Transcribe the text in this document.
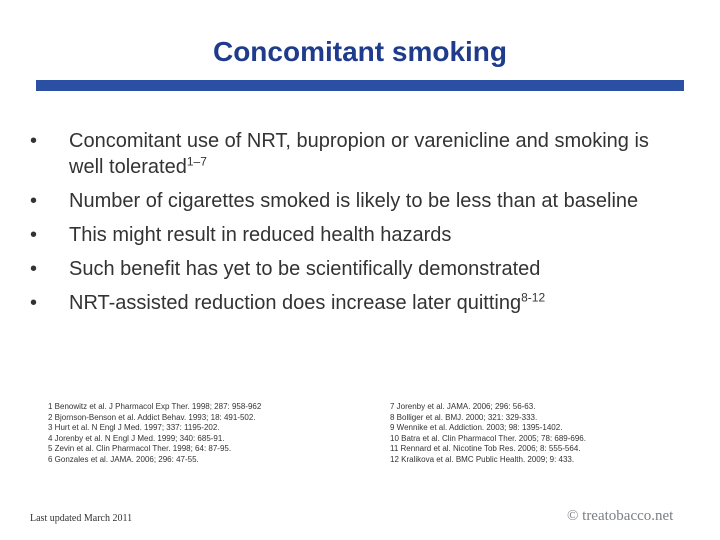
Concomitant smoking
• Concomitant use of NRT, bupropion or varenicline and smoking is well tolerated$^{1-7}$
• Number of cigarettes smoked is likely to be less than at baseline
• This might result in reduced health hazards
• Such benefit has yet to be scientifically demonstrated
• NRT-assisted reduction does increase later quitting$^{8-12}$
1 Benowitz et al. J Pharmacol Exp Ther. 1998; 287: 958-962
2 Bjornson-Benson et al. Addict Behav. 1993; 18: 491-502.
3 Hurt et al. N Engl J Med. 1997; 337: 1195-202.
4 Jorenby et al. N Engl J Med. 1999; 340: 685-91.
5 Zevin et al. Clin Pharmacol Ther. 1998; 64: 87-95.
6 Gonzales et al. JAMA. 2006; 296: 47-55.
7 Jorenby et al. JAMA. 2006; 296: 56-63.
8 Bolliger et al. BMJ. 2000; 321: 329-333.
9 Wennike et al. Addiction. 2003; 98: 1395-1402.
10 Batra et al. Clin Pharmacol Ther. 2005; 78: 689-696.
11 Rennard et al. Nicotine Tob Res. 2006; 8: 555-564.
12 Kralikova et al. BMC Public Health. 2009; 9: 433.
Last updated March 2011	© treatobacco.net
